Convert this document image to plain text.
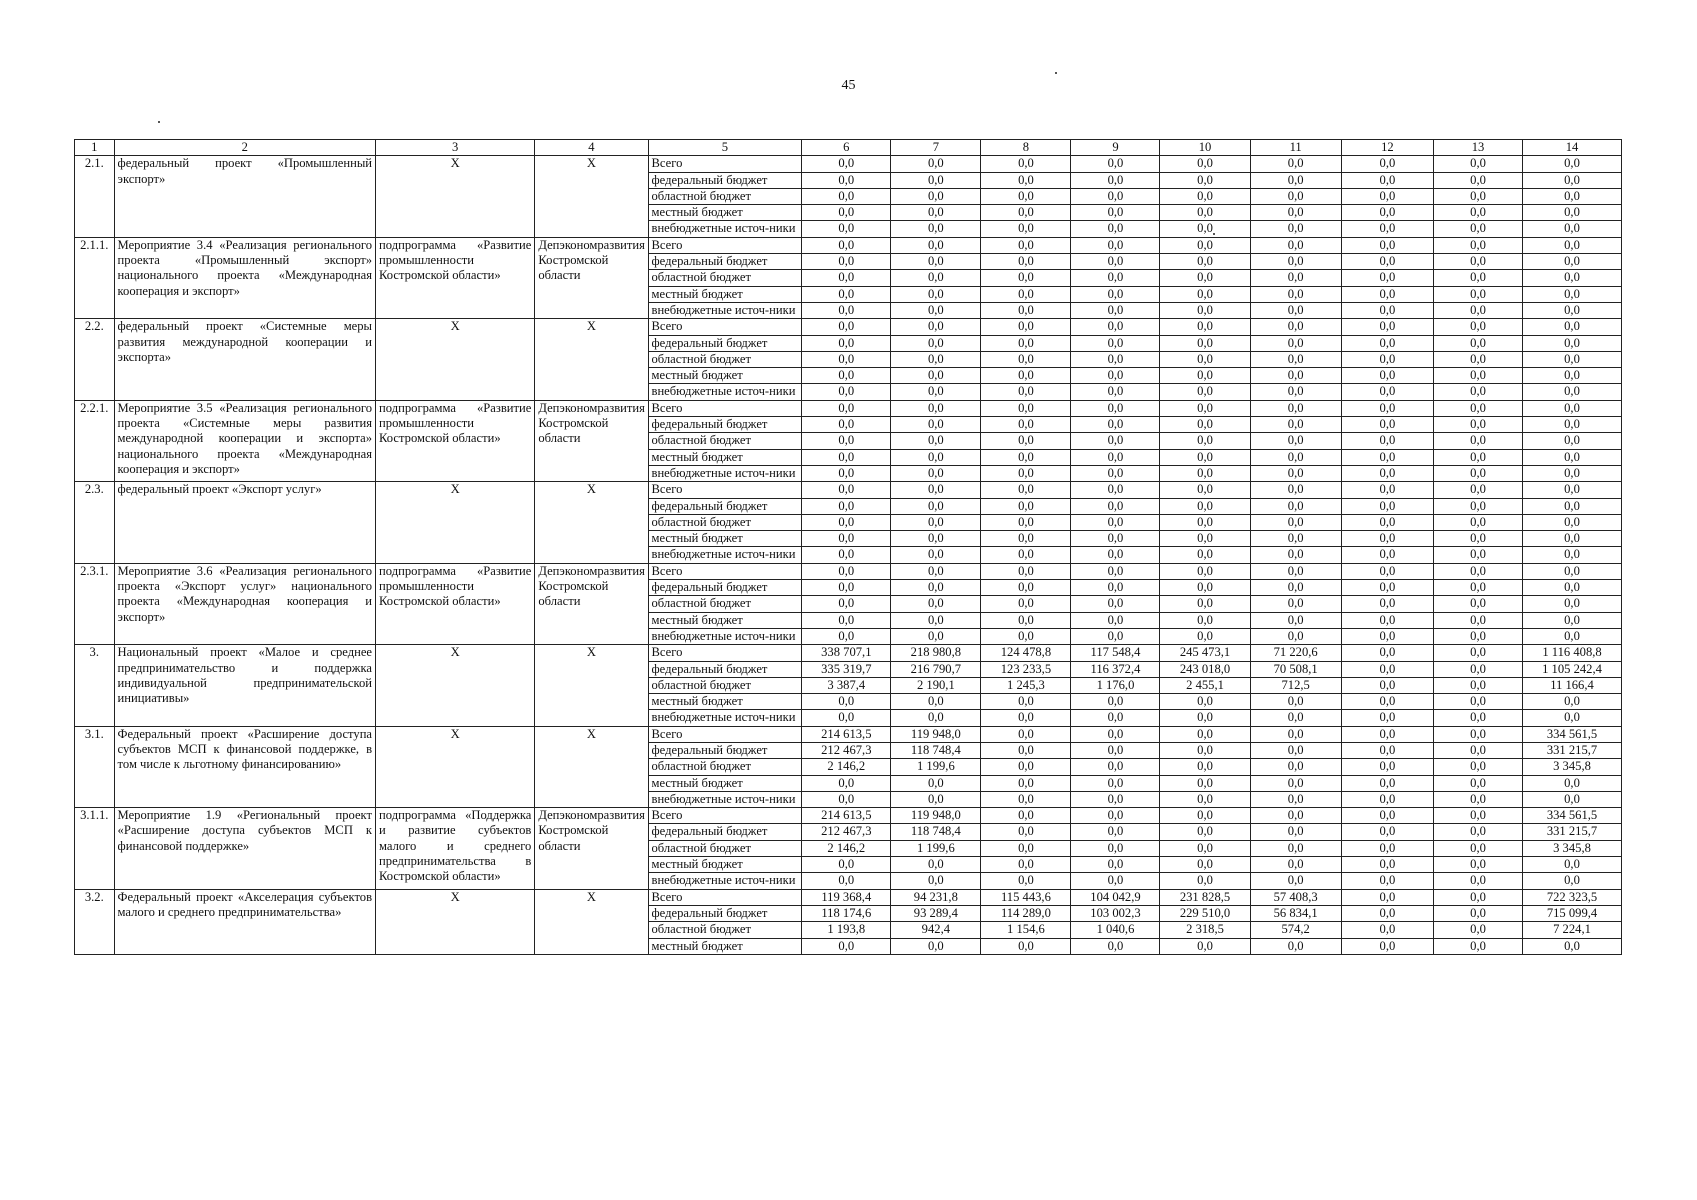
45
1	2	3	4	5	6	7	8	9	10	11	12	13	14
2.1.	федеральный проект «Промышленный экспорт»	Х	Х	Всего	0,0	0,0	0,0	0,0	0,0	0,0	0,0	0,0	0,0
				федеральный бюджет	0,0	0,0	0,0	0,0	0,0	0,0	0,0	0,0	0,0
				областной бюджет	0,0	0,0	0,0	0,0	0,0	0,0	0,0	0,0	0,0
				местный бюджет	0,0	0,0	0,0	0,0	0,0	0,0	0,0	0,0	0,0
				внебюджетные источ-ники	0,0	0,0	0,0	0,0	0,0	0,0	0,0	0,0	0,0
2.1.1.	Мероприятие 3.4 «Реализация регионального проекта «Промышленный экспорт» национального проекта «Международная кооперация и экспорт»	подпрограмма «Развитие промышленности Костромской области»	Депэкономразвития Костромской области	Всего	0,0	0,0	0,0	0,0	0,0	0,0	0,0	0,0	0,0
				федеральный бюджет	0,0	0,0	0,0	0,0	0,0	0,0	0,0	0,0	0,0
				областной бюджет	0,0	0,0	0,0	0,0	0,0	0,0	0,0	0,0	0,0
				местный бюджет	0,0	0,0	0,0	0,0	0,0	0,0	0,0	0,0	0,0
				внебюджетные источ-ники	0,0	0,0	0,0	0,0	0,0	0,0	0,0	0,0	0,0
2.2.	федеральный проект «Системные меры развития международной кооперации и экспорта»	Х	Х	Всего	0,0	0,0	0,0	0,0	0,0	0,0	0,0	0,0	0,0
				федеральный бюджет	0,0	0,0	0,0	0,0	0,0	0,0	0,0	0,0	0,0
				областной бюджет	0,0	0,0	0,0	0,0	0,0	0,0	0,0	0,0	0,0
				местный бюджет	0,0	0,0	0,0	0,0	0,0	0,0	0,0	0,0	0,0
				внебюджетные источ-ники	0,0	0,0	0,0	0,0	0,0	0,0	0,0	0,0	0,0
2.2.1.	Мероприятие 3.5 «Реализация регионального проекта «Системные меры развития международной кооперации и экспорта» национального проекта «Международная кооперация и экспорт»	подпрограмма «Развитие промышленности Костромской области»	Депэкономразвития Костромской области	Всего	0,0	0,0	0,0	0,0	0,0	0,0	0,0	0,0	0,0
				федеральный бюджет	0,0	0,0	0,0	0,0	0,0	0,0	0,0	0,0	0,0
				областной бюджет	0,0	0,0	0,0	0,0	0,0	0,0	0,0	0,0	0,0
				местный бюджет	0,0	0,0	0,0	0,0	0,0	0,0	0,0	0,0	0,0
				внебюджетные источ-ники	0,0	0,0	0,0	0,0	0,0	0,0	0,0	0,0	0,0
2.3.	федеральный проект «Экспорт услуг»	Х	Х	Всего	0,0	0,0	0,0	0,0	0,0	0,0	0,0	0,0	0,0
				федеральный бюджет	0,0	0,0	0,0	0,0	0,0	0,0	0,0	0,0	0,0
				областной бюджет	0,0	0,0	0,0	0,0	0,0	0,0	0,0	0,0	0,0
				местный бюджет	0,0	0,0	0,0	0,0	0,0	0,0	0,0	0,0	0,0
				внебюджетные источ-ники	0,0	0,0	0,0	0,0	0,0	0,0	0,0	0,0	0,0
2.3.1.	Мероприятие 3.6 «Реализация регионального проекта «Экспорт услуг» национального проекта «Международная кооперация и экспорт»	подпрограмма «Развитие промышленности Костромской области»	Депэкономразвития Костромской области	Всего	0,0	0,0	0,0	0,0	0,0	0,0	0,0	0,0	0,0
				федеральный бюджет	0,0	0,0	0,0	0,0	0,0	0,0	0,0	0,0	0,0
				областной бюджет	0,0	0,0	0,0	0,0	0,0	0,0	0,0	0,0	0,0
				местный бюджет	0,0	0,0	0,0	0,0	0,0	0,0	0,0	0,0	0,0
				внебюджетные источ-ники	0,0	0,0	0,0	0,0	0,0	0,0	0,0	0,0	0,0
3.	Национальный проект «Малое и среднее предпринимательство и поддержка индивидуальной предпринимательской инициативы»	Х	Х	Всего	338 707,1	218 980,8	124 478,8	117 548,4	245 473,1	71 220,6	0,0	0,0	1 116 408,8
				федеральный бюджет	335 319,7	216 790,7	123 233,5	116 372,4	243 018,0	70 508,1	0,0	0,0	1 105 242,4
				областной бюджет	3 387,4	2 190,1	1 245,3	1 176,0	2 455,1	712,5	0,0	0,0	11 166,4
				местный бюджет	0,0	0,0	0,0	0,0	0,0	0,0	0,0	0,0	0,0
				внебюджетные источ-ники	0,0	0,0	0,0	0,0	0,0	0,0	0,0	0,0	0,0
3.1.	Федеральный проект «Расширение доступа субъектов МСП к финансовой поддержке, в том числе к льготному финансированию»	Х	Х	Всего	214 613,5	119 948,0	0,0	0,0	0,0	0,0	0,0	0,0	334 561,5
				федеральный бюджет	212 467,3	118 748,4	0,0	0,0	0,0	0,0	0,0	0,0	331 215,7
				областной бюджет	2 146,2	1 199,6	0,0	0,0	0,0	0,0	0,0	0,0	3 345,8
				местный бюджет	0,0	0,0	0,0	0,0	0,0	0,0	0,0	0,0	0,0
				внебюджетные источ-ники	0,0	0,0	0,0	0,0	0,0	0,0	0,0	0,0	0,0
3.1.1.	Мероприятие 1.9 «Региональный проект «Расширение доступа субъектов МСП к финансовой поддержке»	подпрограмма «Поддержка и развитие субъектов малого и среднего предпринимательства в Костромской области»	Депэкономразвития Костромской области	Всего	214 613,5	119 948,0	0,0	0,0	0,0	0,0	0,0	0,0	334 561,5
				федеральный бюджет	212 467,3	118 748,4	0,0	0,0	0,0	0,0	0,0	0,0	331 215,7
				областной бюджет	2 146,2	1 199,6	0,0	0,0	0,0	0,0	0,0	0,0	3 345,8
				местный бюджет	0,0	0,0	0,0	0,0	0,0	0,0	0,0	0,0	0,0
				внебюджетные источ-ники	0,0	0,0	0,0	0,0	0,0	0,0	0,0	0,0	0,0
3.2.	Федеральный проект «Акселерация субъектов малого и среднего предпринимательства»	Х	Х	Всего	119 368,4	94 231,8	115 443,6	104 042,9	231 828,5	57 408,3	0,0	0,0	722 323,5
				федеральный бюджет	118 174,6	93 289,4	114 289,0	103 002,3	229 510,0	56 834,1	0,0	0,0	715 099,4
				областной бюджет	1 193,8	942,4	1 154,6	1 040,6	2 318,5	574,2	0,0	0,0	7 224,1
				местный бюджет	0,0	0,0	0,0	0,0	0,0	0,0	0,0	0,0	0,0
